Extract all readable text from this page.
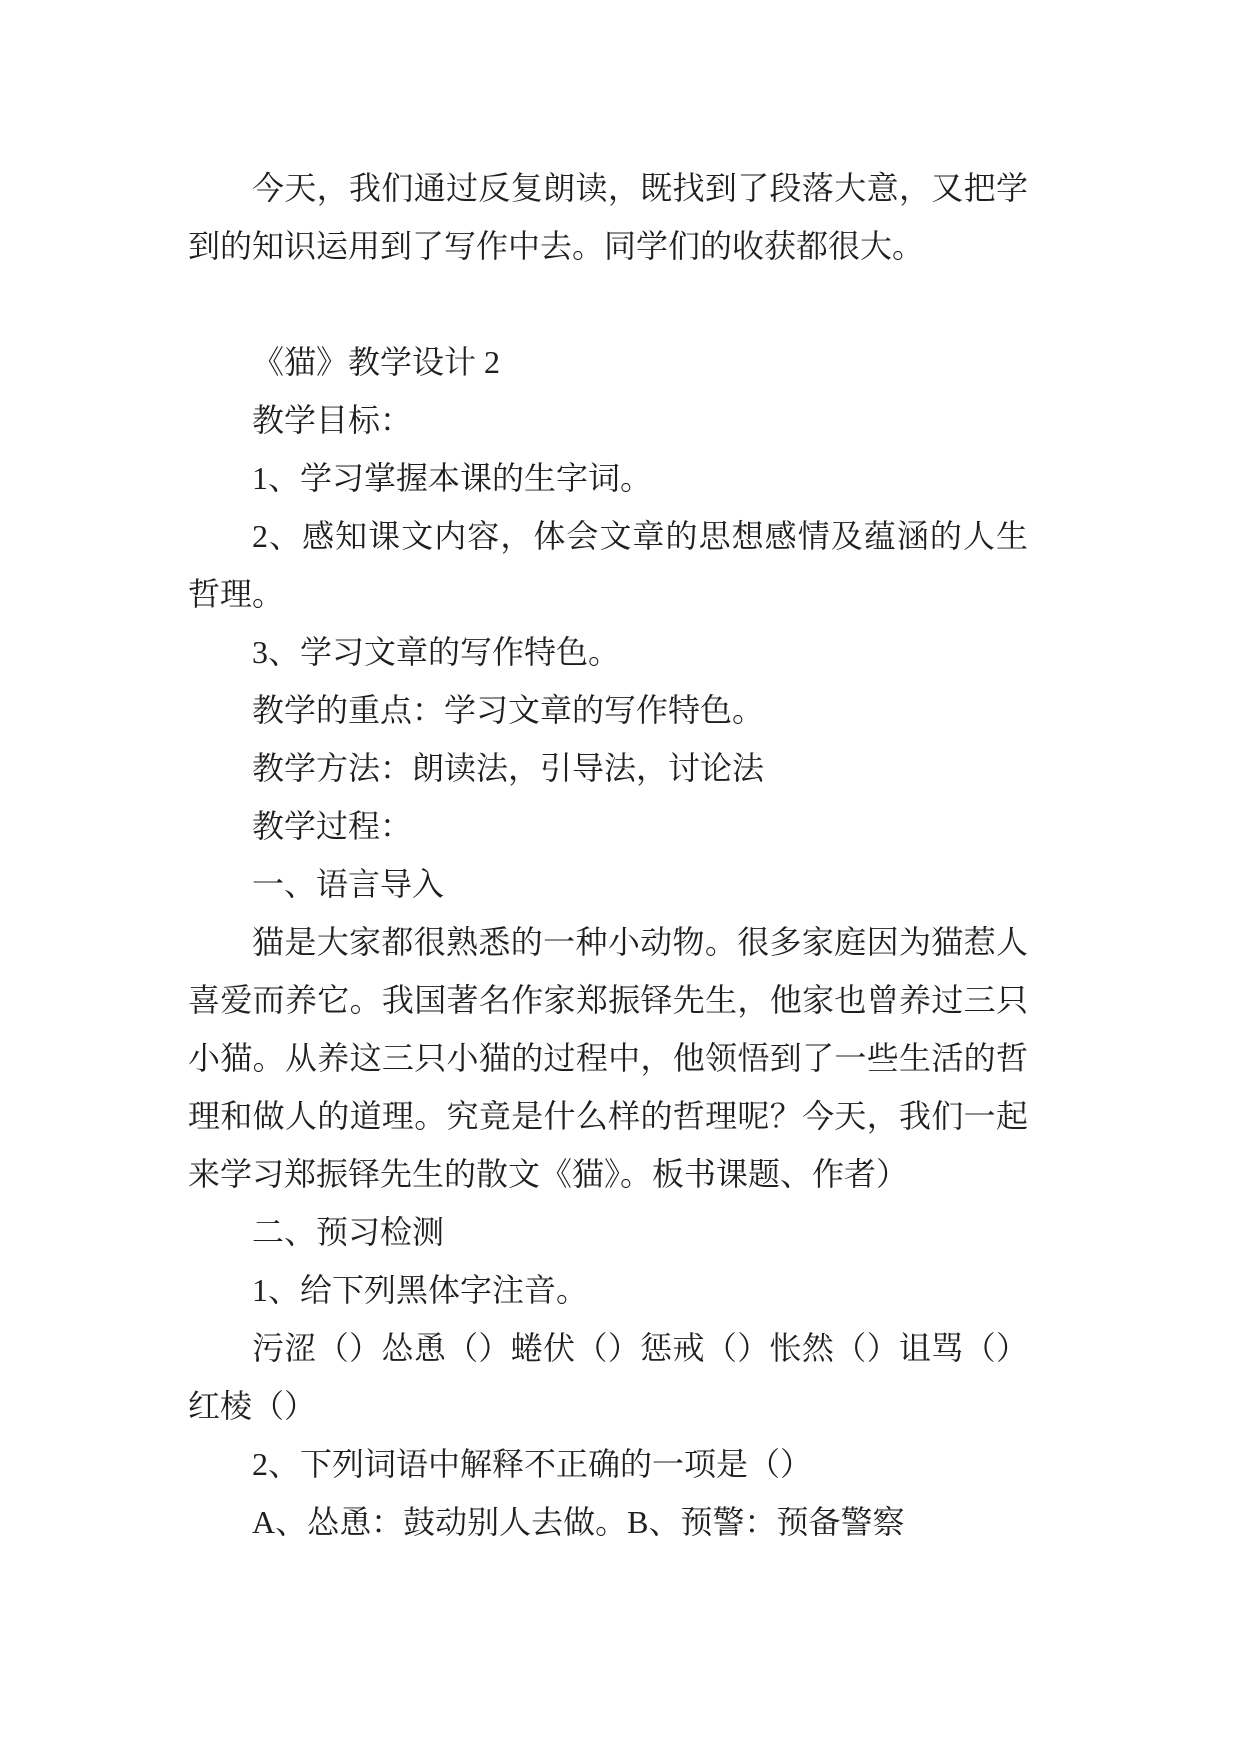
今天，我们通过反复朗读，既找到了段落大意，又把学到的知识运用到了写作中去。同学们的收获都很大。

《猫》教学设计 2

教学目标：

1、学习掌握本课的生字词。

2、感知课文内容，体会文章的思想感情及蕴涵的人生哲理。

3、学习文章的写作特色。

教学的重点：学习文章的写作特色。

教学方法：朗读法，引导法，讨论法

教学过程：

一、语言导入

猫是大家都很熟悉的一种小动物。很多家庭因为猫惹人喜爱而养它。我国著名作家郑振铎先生，他家也曾养过三只小猫。从养这三只小猫的过程中，他领悟到了一些生活的哲理和做人的道理。究竟是什么样的哲理呢？今天，我们一起来学习郑振铎先生的散文《猫》。板书课题、作者）

二、预习检测

1、给下列黑体字注音。

污涩（）怂恿（）蜷伏（）惩戒（）怅然（）诅骂（）红棱（）

2、下列词语中解释不正确的一项是（）

A、怂恿：鼓动别人去做。B、预警：预备警察
